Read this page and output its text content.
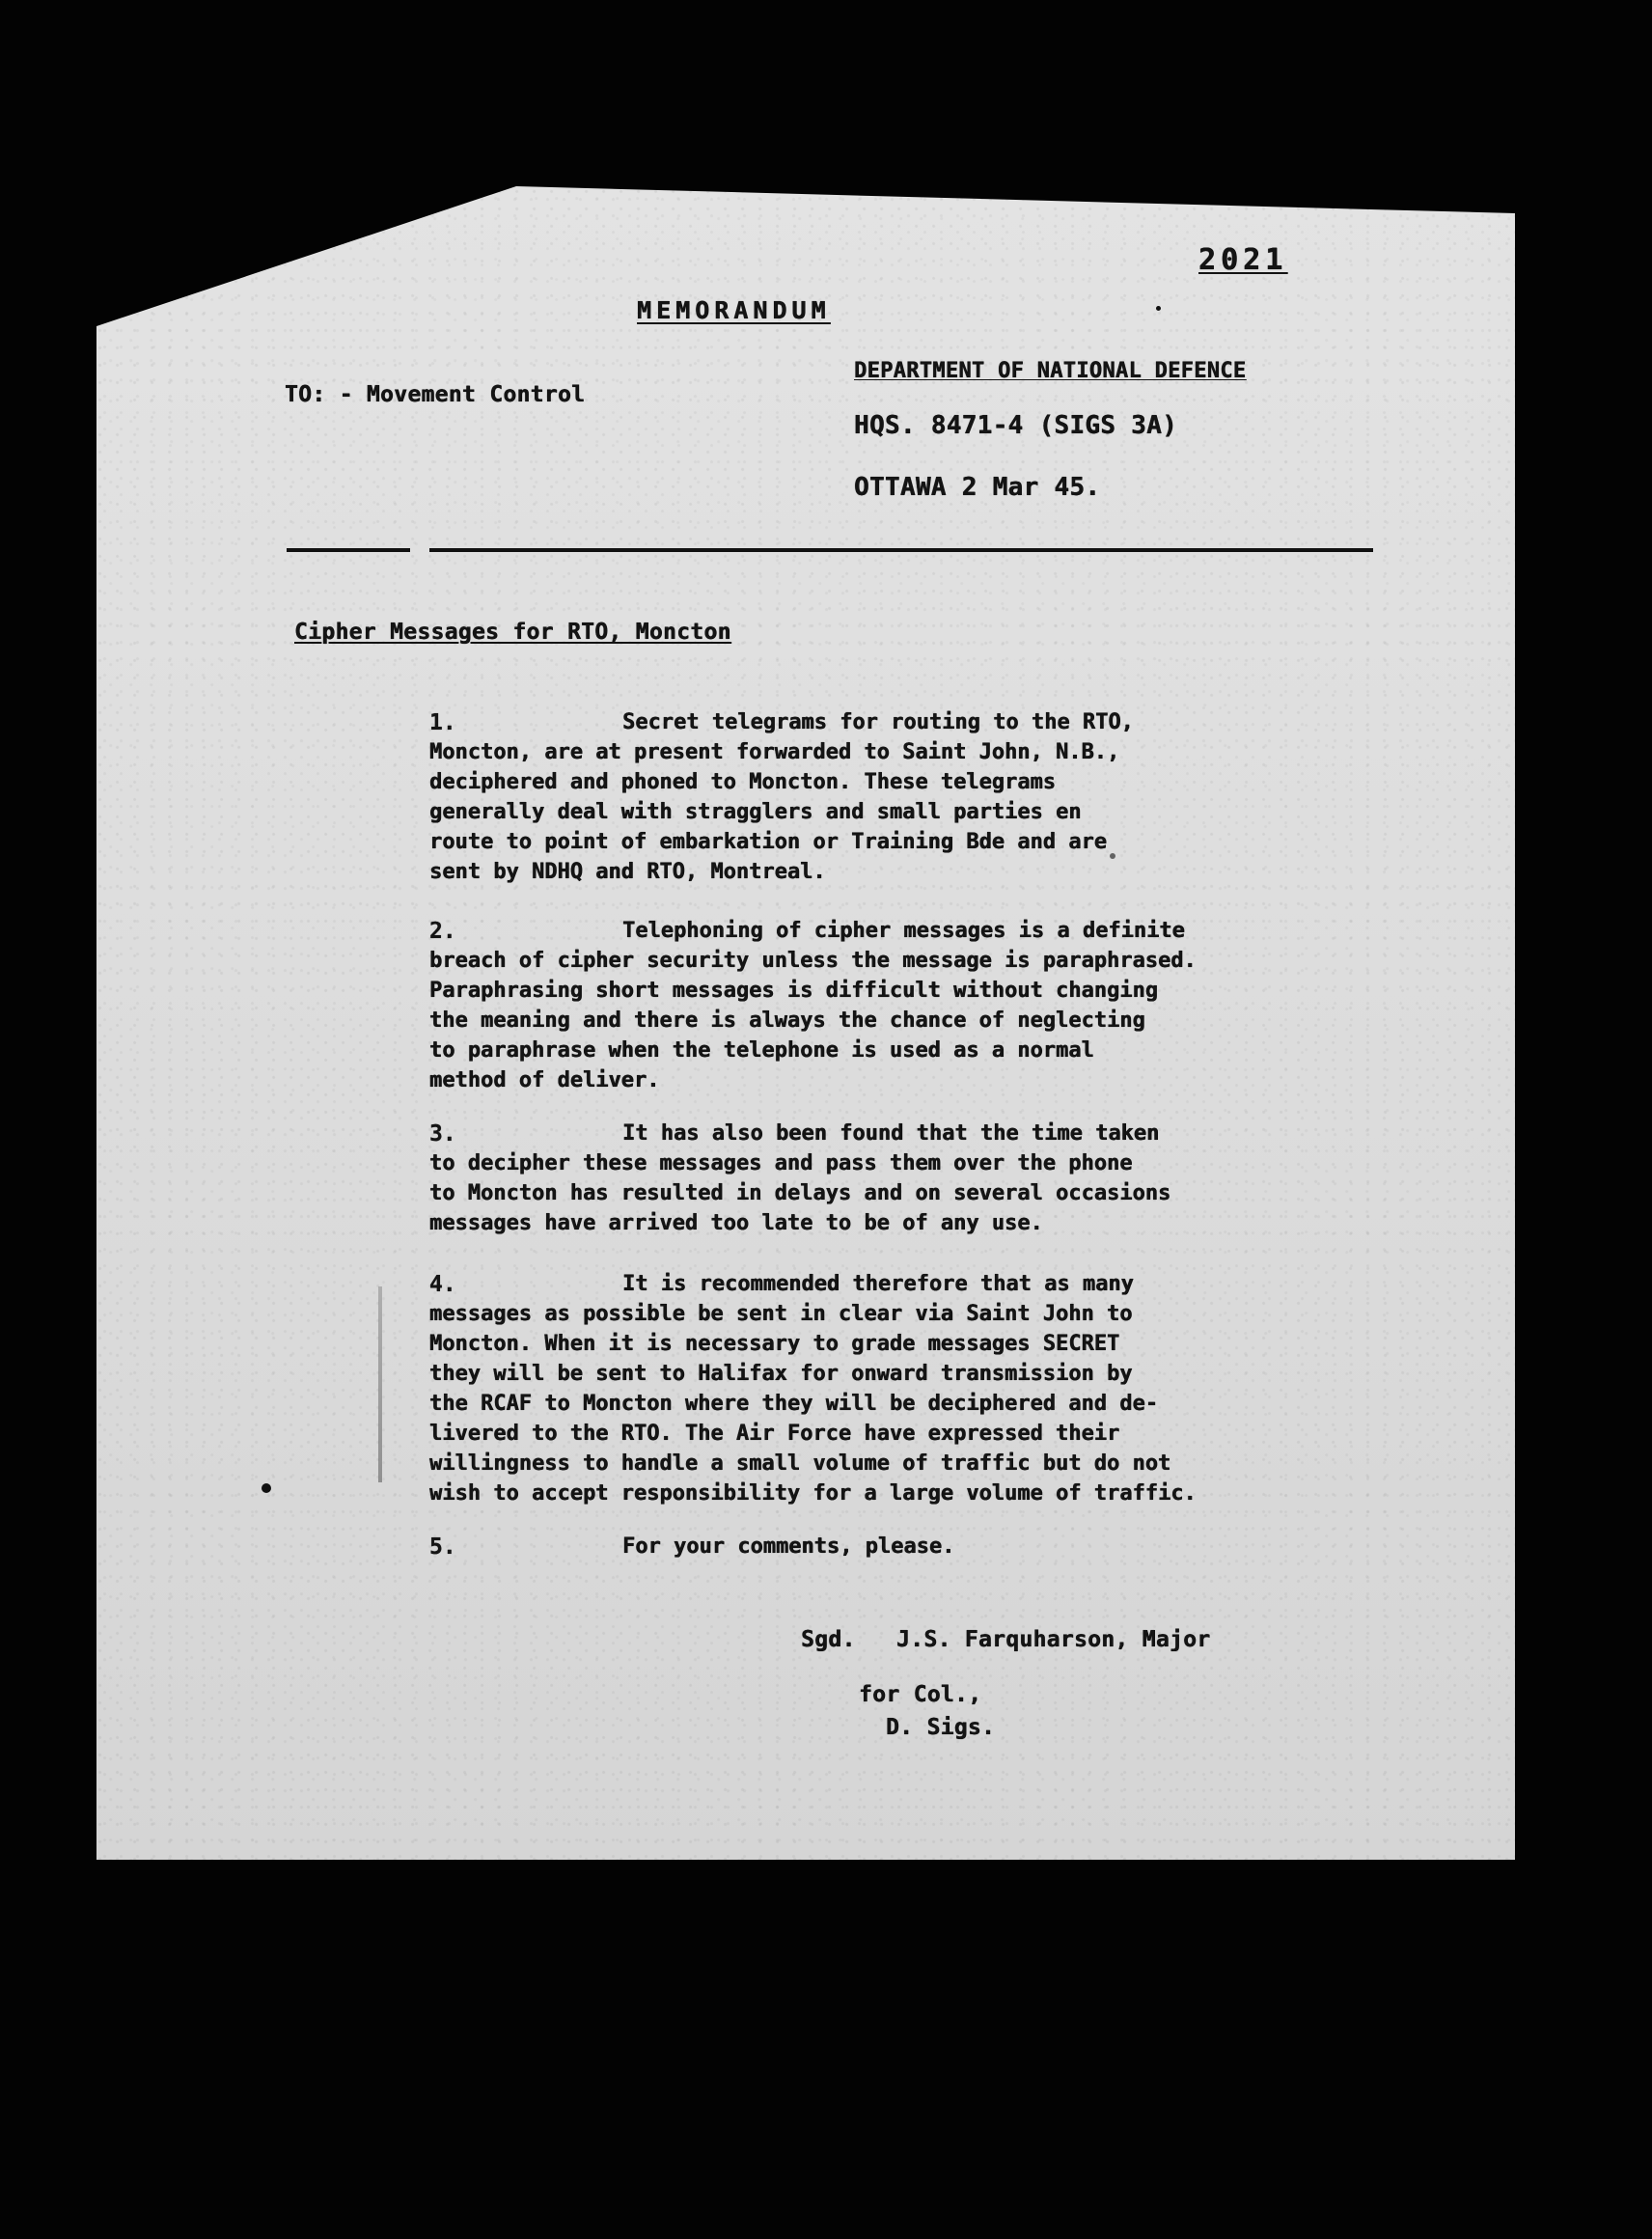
2021
MEMORANDUM
TO: - Movement Control
DEPARTMENT OF NATIONAL DEFENCE
HQS. 8471-4 (SIGS 3A)
OTTAWA 2 Mar 45.
Cipher Messages for RTO, Moncton
1.	Secret telegrams for routing to the RTO,
Moncton, are at present forwarded to Saint John, N.B.,
deciphered and phoned to Moncton. These telegrams
generally deal with stragglers and small parties en
route to point of embarkation or Training Bde and are
sent by NDHQ and RTO, Montreal.
2.	Telephoning of cipher messages is a definite
breach of cipher security unless the message is paraphrased.
Paraphrasing short messages is difficult without changing
the meaning and there is always the chance of neglecting
to paraphrase when the telephone is used as a normal
method of deliver.
3.	It has also been found that the time taken
to decipher these messages and pass them over the phone
to Moncton has resulted in delays and on several occasions
messages have arrived too late to be of any use.
4.	It is recommended therefore that as many
messages as possible be sent in clear via Saint John to
Moncton. When it is necessary to grade messages SECRET
they will be sent to Halifax for onward transmission by
the RCAF to Moncton where they will be deciphered and de-
livered to the RTO. The Air Force have expressed their
willingness to handle a small volume of traffic but do not
wish to accept responsibility for a large volume of traffic.
5.	For your comments, please.
Sgd.   J.S. Farquharson, Major
for Col.,
D. Sigs.
